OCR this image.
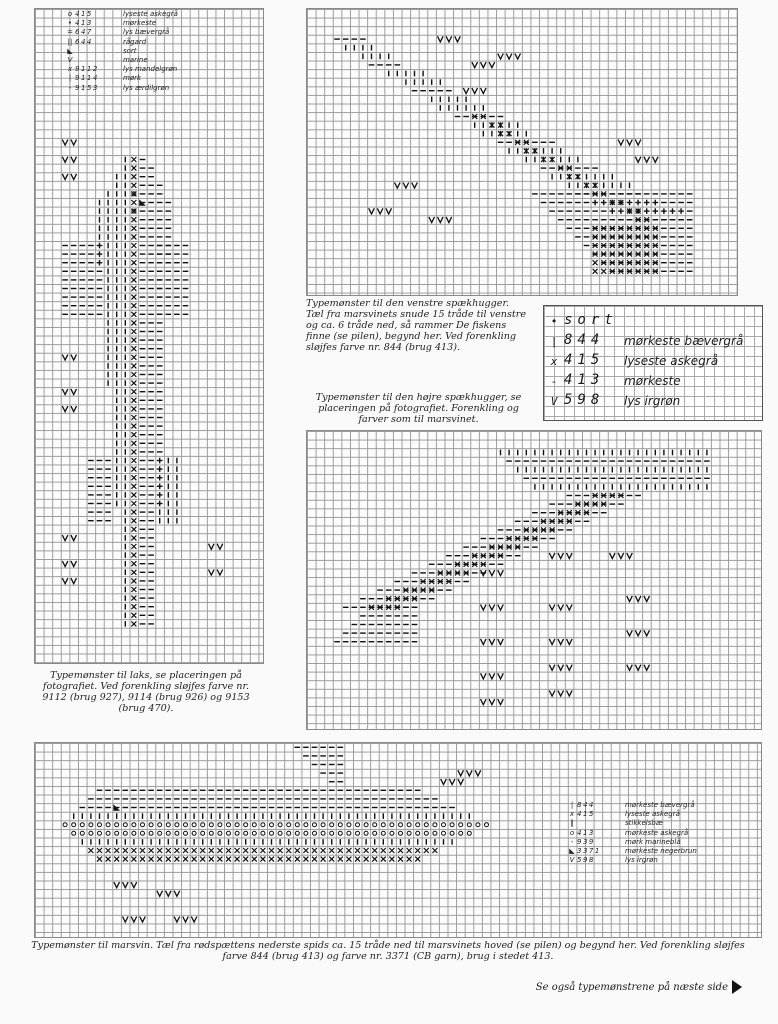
o 415	lyseste askegrå
• 413	mørkeste
= 647	lys bævergrå
|| 644	rågard
◣	sort
V	marine
x 9112	lys mandelgrøn
| 9114	mørk
- 9153	lys ærdilgrøn
Typemønster til laks, se placeringen på fotografiet. Ved forenkling sløjfes farve nr. 9112 (brug 927), 9114 (brug 926) og 9153 (brug 470).
Typemønster til den venstre spækhugger. Tæl fra marsvinets snude 15 tråde til venstre og ca. 6 tråde ned, så rammer De fiskens finne (se pilen), begynd her. Ved forenkling sløjfes farve nr. 844 (brug 413).
• sort
| 844	mørkeste bævergrå
x 415	lyseste askegrå
- 413	mørkeste
V 598	lys irgrøn
Typemønster til den højre spækhugger, se placeringen på fotografiet. Forenkling og farver som til marsvinet.
| 844	mørkeste bævergrå
x 415	lyseste askegrå
‖	stikkelsbæ
o 413	mørkeste askegrå
- 939	mørk marineblå
◣ 3371	mørkeste negerbrun
V 598	lys irgrøn
Typemønster til marsvin. Tæl fra rødspættens nederste spids ca. 15 tråde ned til marsvinets hoved (se pilen) og begynd her. Ved forenkling sløjfes farve 844 (brug 413) og farve nr. 3371 (CB garn), brug i stedet 413.
Se også typemønstrene på næste side
